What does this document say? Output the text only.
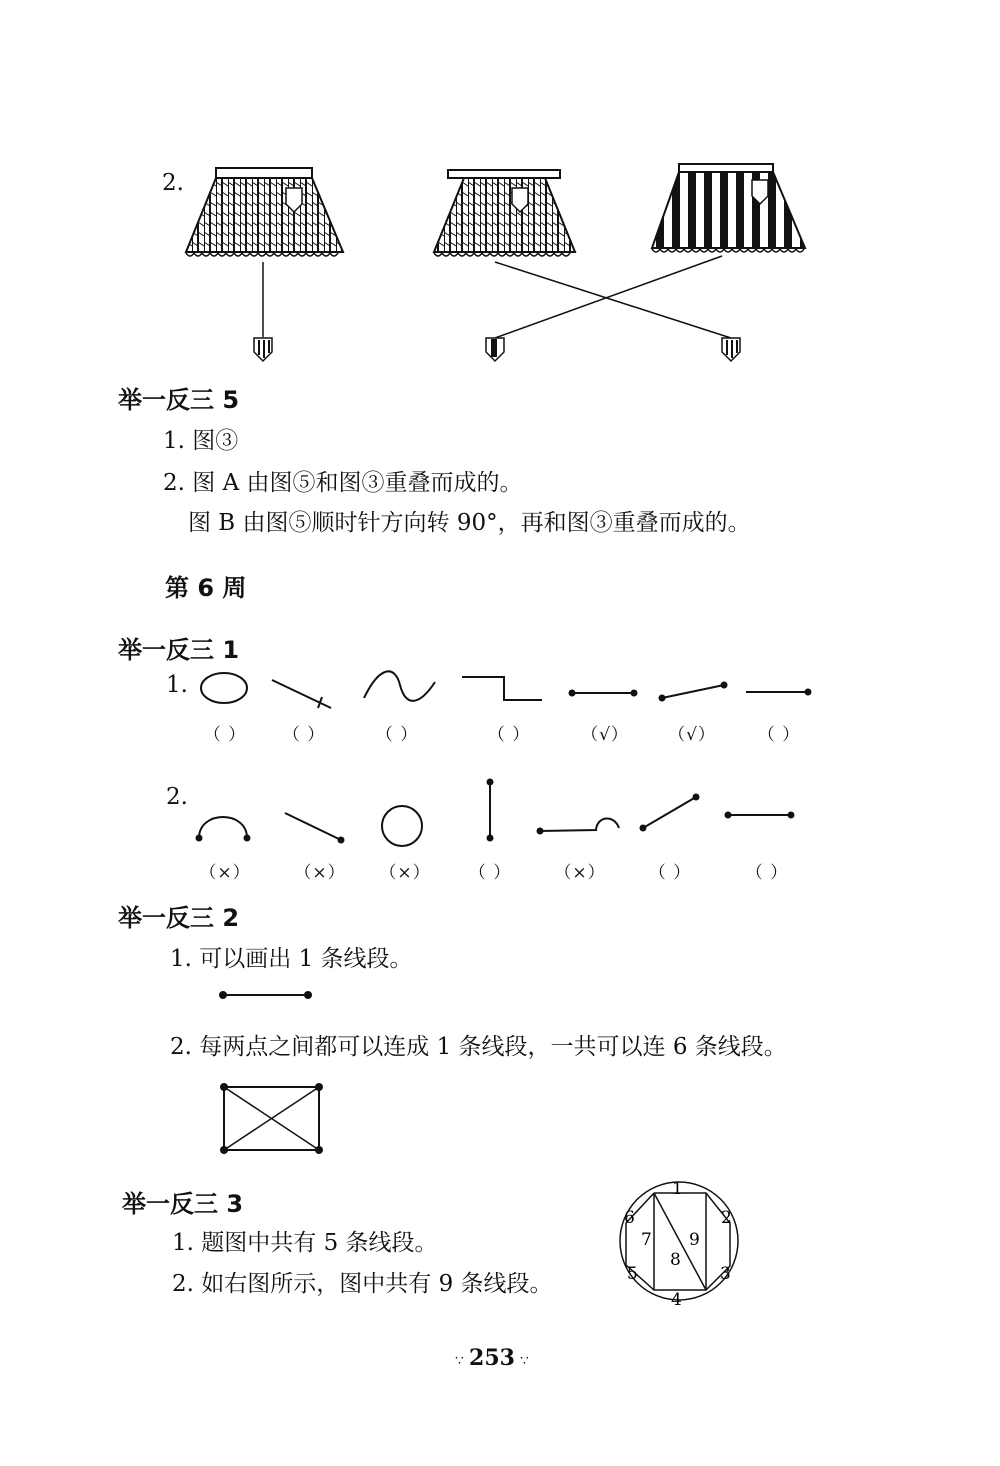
2.
举一反三 5
1. 图③
2. 图 A 由图⑤和图③重叠而成的。
图 B 由图⑤顺时针方向转 90°，再和图③重叠而成的。
第 6 周
举一反三 1
1.
（ ）	（ ）	（ ）	（ ）	（√）	（√）	（ ）
2.
（×）	（×）	（×）	（ ）	（×）	（ ）	（ ）
举一反三 2
1. 可以画出 1 条线段。
2. 每两点之间都可以连成 1 条线段，一共可以连 6 条线段。
举一反三 3
1. 题图中共有 5 条线段。
2. 如右图所示，图中共有 9 条线段。
1
2
3
4
5
6
7
8
9
∵ 253 ∵
